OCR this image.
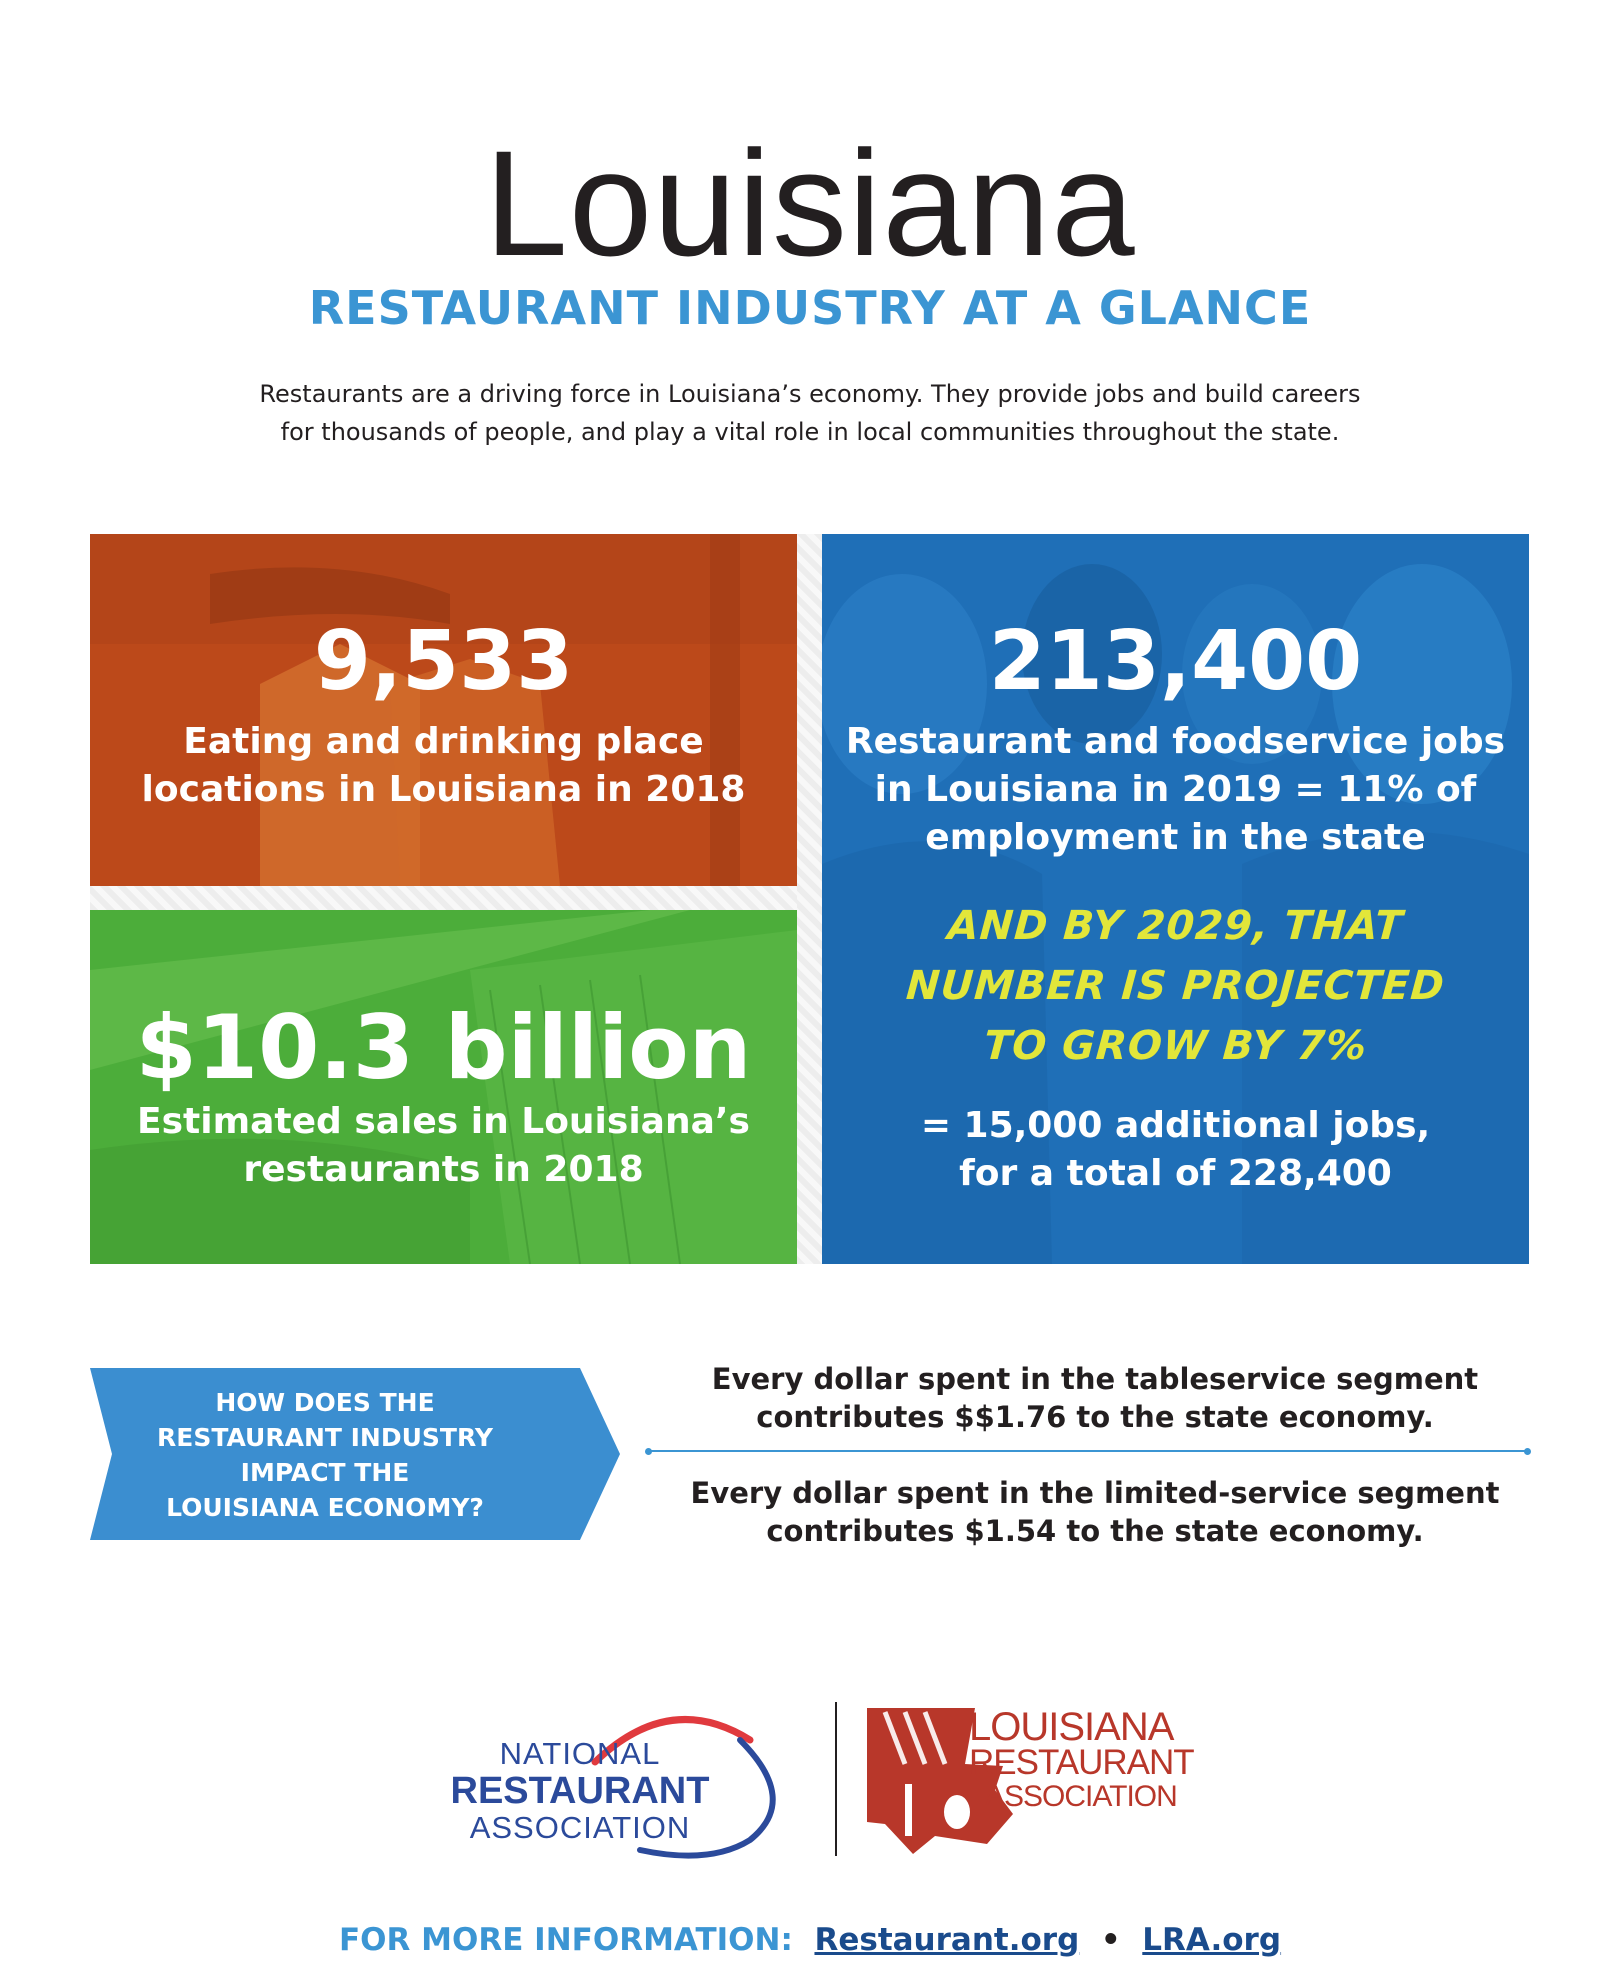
Louisiana
RESTAURANT INDUSTRY AT A GLANCE
Restaurants are a driving force in Louisiana’s economy. They provide jobs and build careers
for thousands of people, and play a vital role in local communities throughout the state.
9,533
Eating and drinking place
locations in Louisiana in 2018
$10.3 billion
Estimated sales in Louisiana’s
restaurants in 2018
213,400
Restaurant and foodservice jobs
in Louisiana in 2019 = 11% of
employment in the state
AND BY 2029, THAT
NUMBER IS PROJECTED
TO GROW BY 7%
= 15,000 additional jobs,
for a total of 228,400
HOW DOES THE
RESTAURANT INDUSTRY
IMPACT THE
LOUISIANA ECONOMY?
Every dollar spent in the tableservice segment
contributes $$1.76 to the state economy.
Every dollar spent in the limited-service segment
contributes $1.54 to the state economy.
NATIONAL
RESTAURANT
ASSOCIATION
LOUISIANA
RESTAURANT
ASSOCIATION
FOR MORE INFORMATION: Restaurant.org • LRA.org
